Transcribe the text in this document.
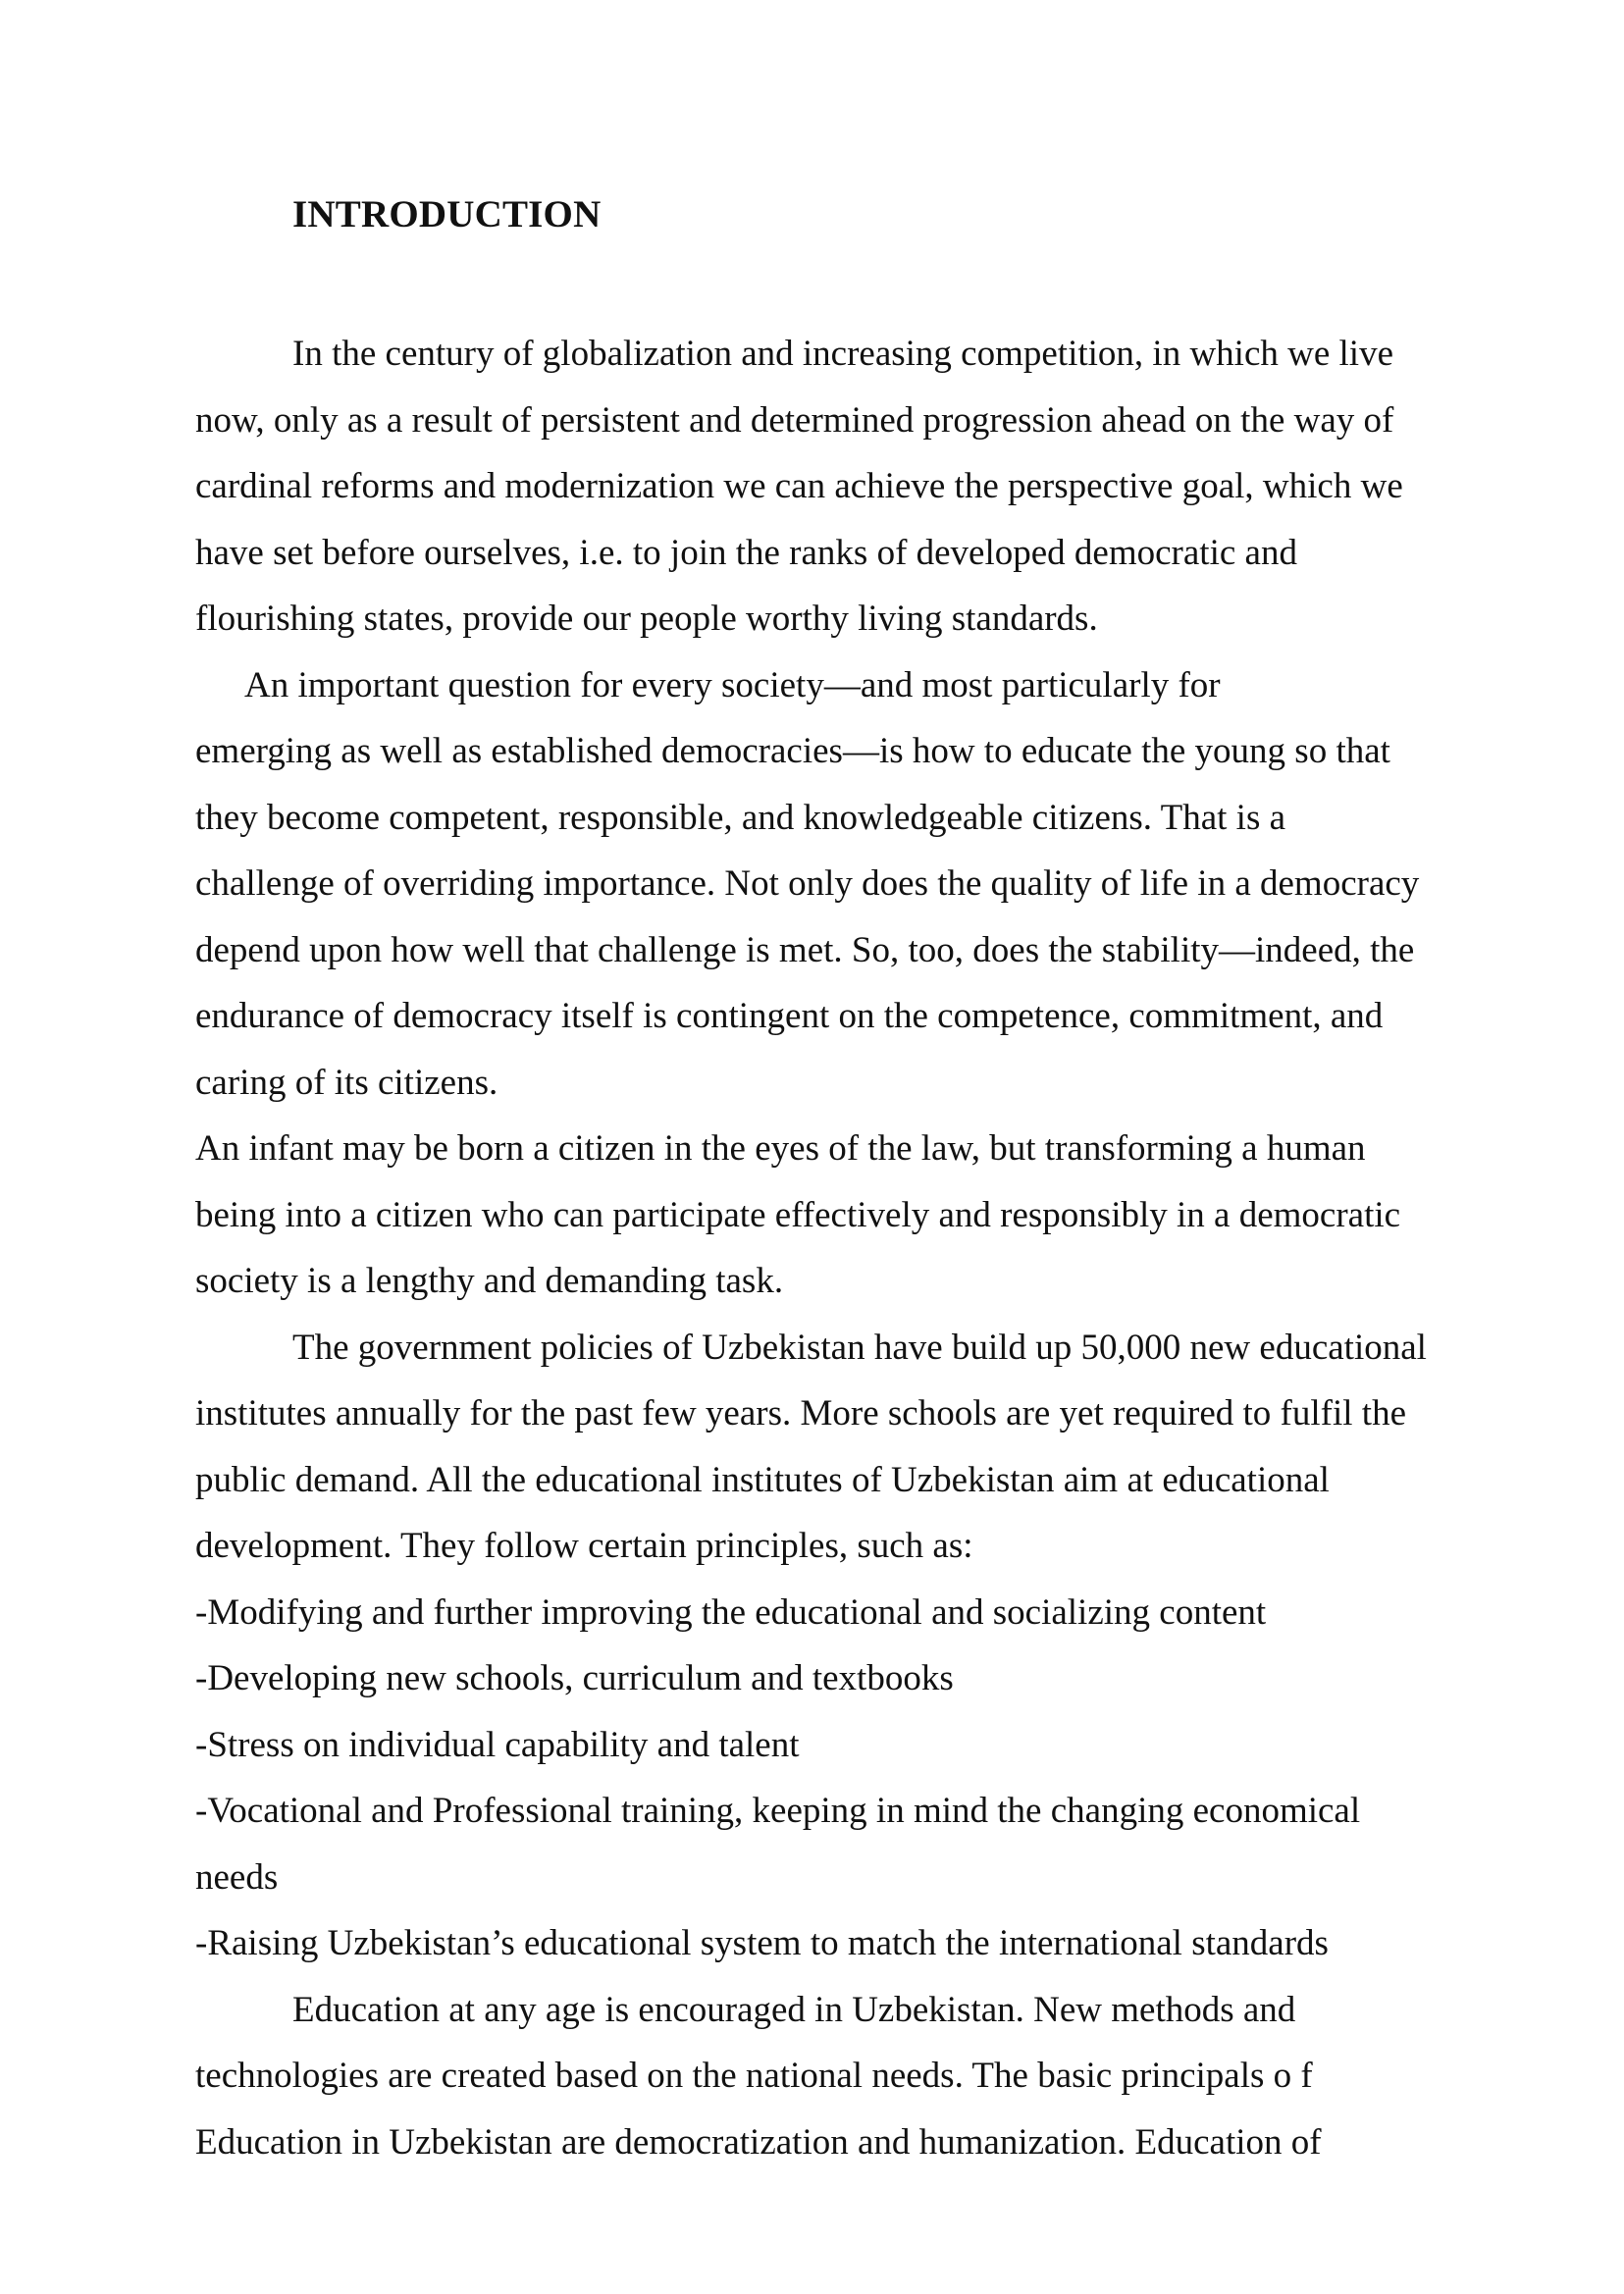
INTRODUCTION
In the century of globalization and increasing competition, in which we live
now, only as a result of persistent and determined progression ahead on the way of
cardinal reforms and modernization we can achieve the perspective goal, which we
have set before ourselves, i.e. to join the ranks of developed democratic and
flourishing states, provide our people worthy living standards.
An important question for every society—and most particularly for
emerging as well as established democracies—is how to educate the young so that
they become competent, responsible, and knowledgeable citizens. That is a
challenge of overriding importance. Not only does the quality of life in a democracy
depend upon how well that challenge is met. So, too, does the stability—indeed, the
endurance of democracy itself is contingent on the competence, commitment, and
caring of its citizens.
An infant may be born a citizen in the eyes of the law, but transforming a human
being into a citizen who can participate effectively and responsibly in a democratic
society is a lengthy and demanding task.
The government policies of Uzbekistan have build up 50,000 new educational
institutes annually for the past few years. More schools are yet required to fulfil the
public demand. All the educational institutes of Uzbekistan aim at educational
development. They follow certain principles, such as:
-Modifying and further improving the educational and socializing content
-Developing new schools, curriculum and textbooks
-Stress on individual capability and talent
-Vocational and Professional training, keeping in mind the changing economical
needs
-Raising Uzbekistan’s educational system to match the international standards
Education at any age is encouraged in Uzbekistan. New methods and
technologies are created based on the national needs. The basic principals o f
Education in Uzbekistan are democratization and humanization. Education of
